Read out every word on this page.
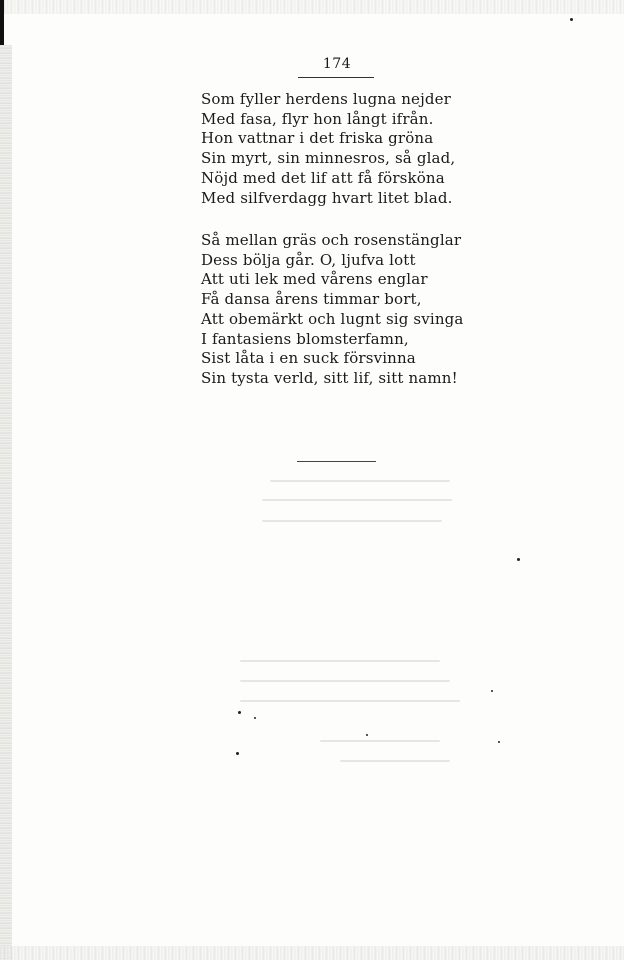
174
Som fyller herdens lugna nejder
Med fasa, flyr hon långt ifrån.
Hon vattnar i det friska gröna
Sin myrt, sin minnesros, så glad,
Nöjd med det lif att få försköna
Med silfverdagg hvart litet blad.
Så mellan gräs och rosenstänglar
Dess bölja går. O, ljufva lott
Att uti lek med vårens englar
Få dansa årens timmar bort,
Att obemärkt och lugnt sig svinga
I fantasiens blomsterfamn,
Sist låta i en suck försvinna
Sin tysta verld, sitt lif, sitt namn!
